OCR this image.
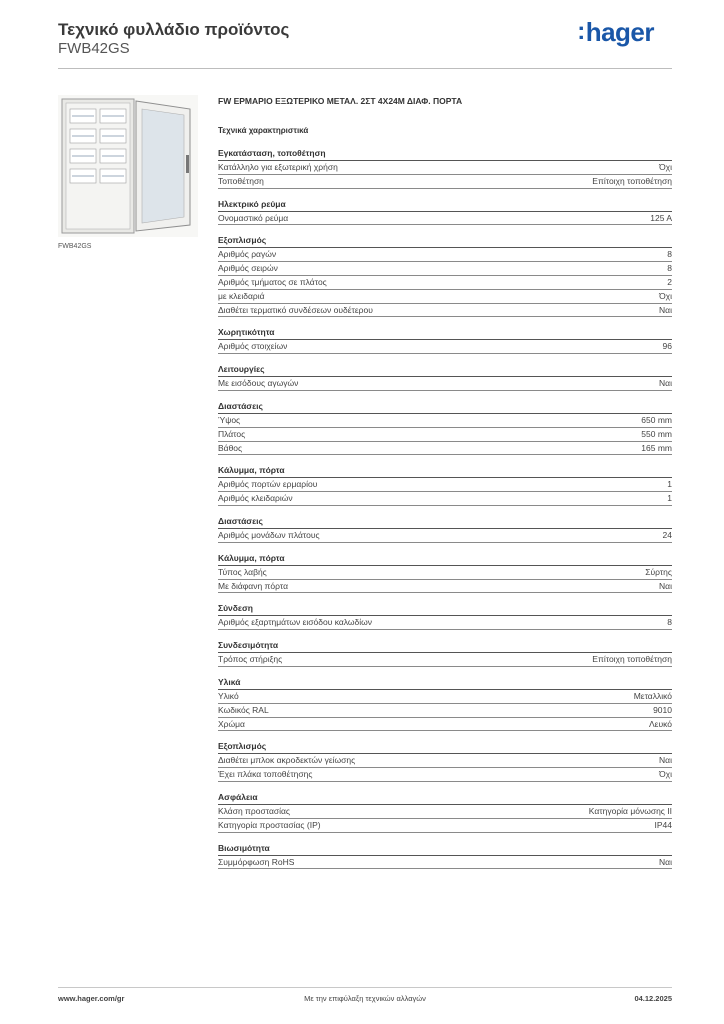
Τεχνικό φυλλάδιο προϊόντος
FWB42GS
:hager
FWB42GS
FW ΕΡΜΑΡΙΟ ΕΞΩΤΕΡΙΚΟ ΜΕΤΑΛ. 2ΣΤ 4Χ24Μ ΔΙΑΦ. ΠΟΡΤΑ
Τεχνικά χαρακτηριστικά
Εγκατάσταση, τοποθέτηση
Κατάλληλο για εξωτερική χρήση	Όχι
Τοποθέτηση	Επίτοιχη τοποθέτηση
Ηλεκτρικό ρεύμα
Ονομαστικό ρεύμα	125 A
Εξοπλισμός
Αριθμός ραγών	8
Αριθμός σειρών	8
Αριθμός τμήματος σε πλάτος	2
με κλειδαριά	Όχι
Διαθέτει τερματικό συνδέσεων ουδέτερου	Ναι
Χωρητικότητα
Αριθμός στοιχείων	96
Λειτουργίες
Με εισόδους αγωγών	Ναι
Διαστάσεις
Ύψος	650 mm
Πλάτος	550 mm
Βάθος	165 mm
Κάλυμμα, πόρτα
Αριθμός πορτών ερμαρίου	1
Αριθμός κλειδαριών	1
Διαστάσεις
Αριθμός μονάδων πλάτους	24
Κάλυμμα, πόρτα
Τύπος λαβής	Σύρτης
Με διάφανη πόρτα	Ναι
Σύνδεση
Αριθμός εξαρτημάτων εισόδου καλωδίων	8
Συνδεσιμότητα
Τρόπος στήριξης	Επίτοιχη τοποθέτηση
Υλικά
Υλικό	Μεταλλικό
Κωδικός RAL	9010
Χρώμα	Λευκό
Εξοπλισμός
Διαθέτει μπλοκ ακροδεκτών γείωσης	Ναι
Έχει πλάκα τοποθέτησης	Όχι
Ασφάλεια
Κλάση προστασίας	Κατηγορία μόνωσης II
Κατηγορία προστασίας (IP)	IP44
Βιωσιμότητα
Συμμόρφωση RoHS	Ναι
www.hager.com/gr	Με την επιφύλαξη τεχνικών αλλαγών	04.12.2025
